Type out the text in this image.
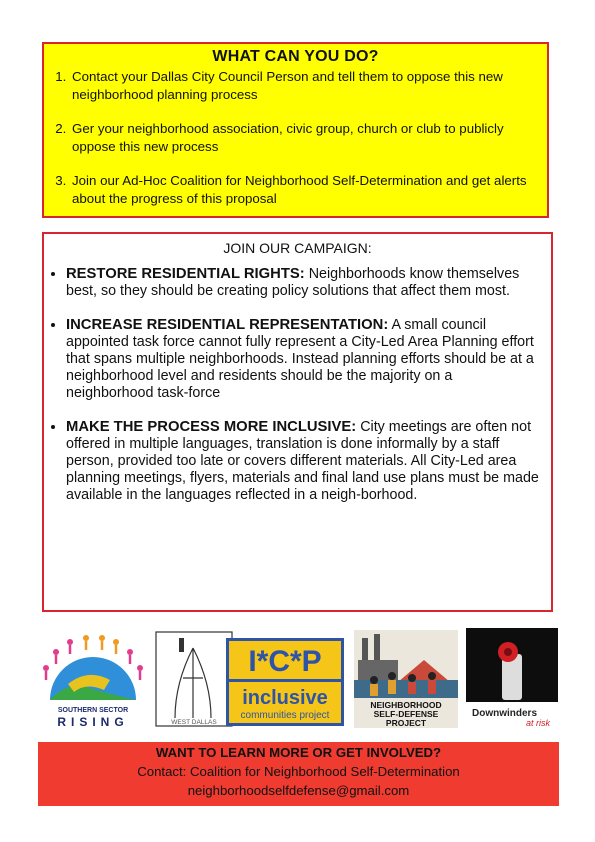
WHAT CAN YOU DO?
1. Contact your Dallas City Council Person and tell them to oppose this new neighborhood planning process
2. Ger your neighborhood association, civic group, church or club to publicly oppose this new process
3. Join our Ad-Hoc Coalition for Neighborhood Self-Determination and get alerts about the progress of this proposal
JOIN OUR CAMPAIGN:
• RESTORE RESIDENTIAL RIGHTS: Neighborhoods know themselves best, so they should be creating policy solutions that affect them most.
• INCREASE RESIDENTIAL REPRESENTATION: A small council appointed task force cannot fully represent a City-Led Area Planning effort that spans multiple neighborhoods. Instead planning efforts should be at a neighborhood level and residents should be the majority on a neighborhood task-force
• MAKE THE PROCESS MORE INCLUSIVE: City meetings are often not offered in multiple languages, translation is done informally by a staff person, provided too late or covers different materials. All City-Led area planning meetings, flyers, materials and final land use plans must be made available in the languages reflected in a neigh-borhood.
SOUTHERN SECTOR
RISING	WEST DALLAS
I*C*P
inclusive
communities project
NEIGHBORHOOD
SELF-DEFENSE
PROJECT
Downwinders
at risk
WANT TO LEARN MORE OR GET INVOLVED?
Contact: Coalition for Neighborhood Self-Determination
neighborhoodselfdefense@gmail.com
